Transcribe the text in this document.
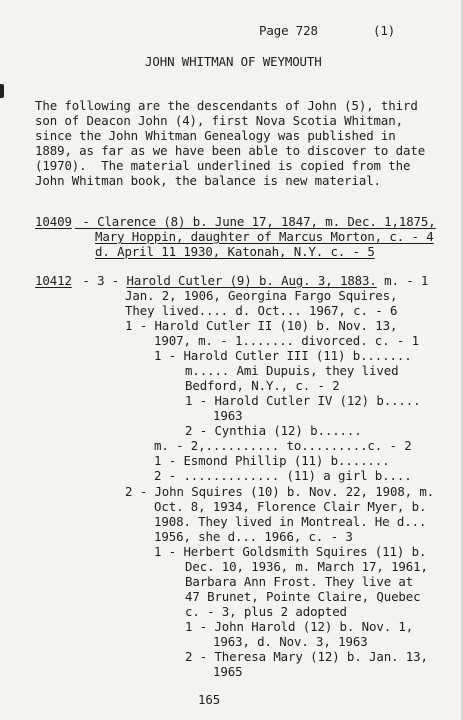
Page 728	(1)
JOHN WHITMAN OF WEYMOUTH
The following are the descendants of John (5), third
son of Deacon John (4), first Nova Scotia Whitman,
since the John Whitman Genealogy was published in
1889, as far as we have been able to discover to date
(1970).  The material underlined is copied from the
John Whitman book, the balance is new material.
10409 - Clarence (8) b. June 17, 1847, m. Dec. 1,1875,
Mary Hoppin, daughter of Marcus Morton, c. - 4
d. April 11 1930, Katonah, N.Y. c. - 5
10412 - 3 - Harold Cutler (9) b. Aug. 3, 1883. m. - 1
Jan. 2, 1906, Georgina Fargo Squires,
They lived.... d. Oct... 1967, c. - 6
1 - Harold Cutler II (10) b. Nov. 13,
1907, m. - 1....... divorced. c. - 1
1 - Harold Cutler III (11) b.......
m..... Ami Dupuis, they lived
Bedford, N.Y., c. - 2
1 - Harold Cutler IV (12) b.....
1963
2 - Cynthia (12) b......
m. - 2,.......... to.........c. - 2
1 - Esmond Phillip (11) b.......
2 - ............. (11) a girl b....
2 - John Squires (10) b. Nov. 22, 1908, m.
Oct. 8, 1934, Florence Clair Myer, b.
1908. They lived in Montreal. He d...
1956, she d... 1966, c. - 3
1 - Herbert Goldsmith Squires (11) b.
Dec. 10, 1936, m. March 17, 1961,
Barbara Ann Frost. They live at
47 Brunet, Pointe Claire, Quebec
c. - 3, plus 2 adopted
1 - John Harold (12) b. Nov. 1,
1963, d. Nov. 3, 1963
2 - Theresa Mary (12) b. Jan. 13,
1965
165
